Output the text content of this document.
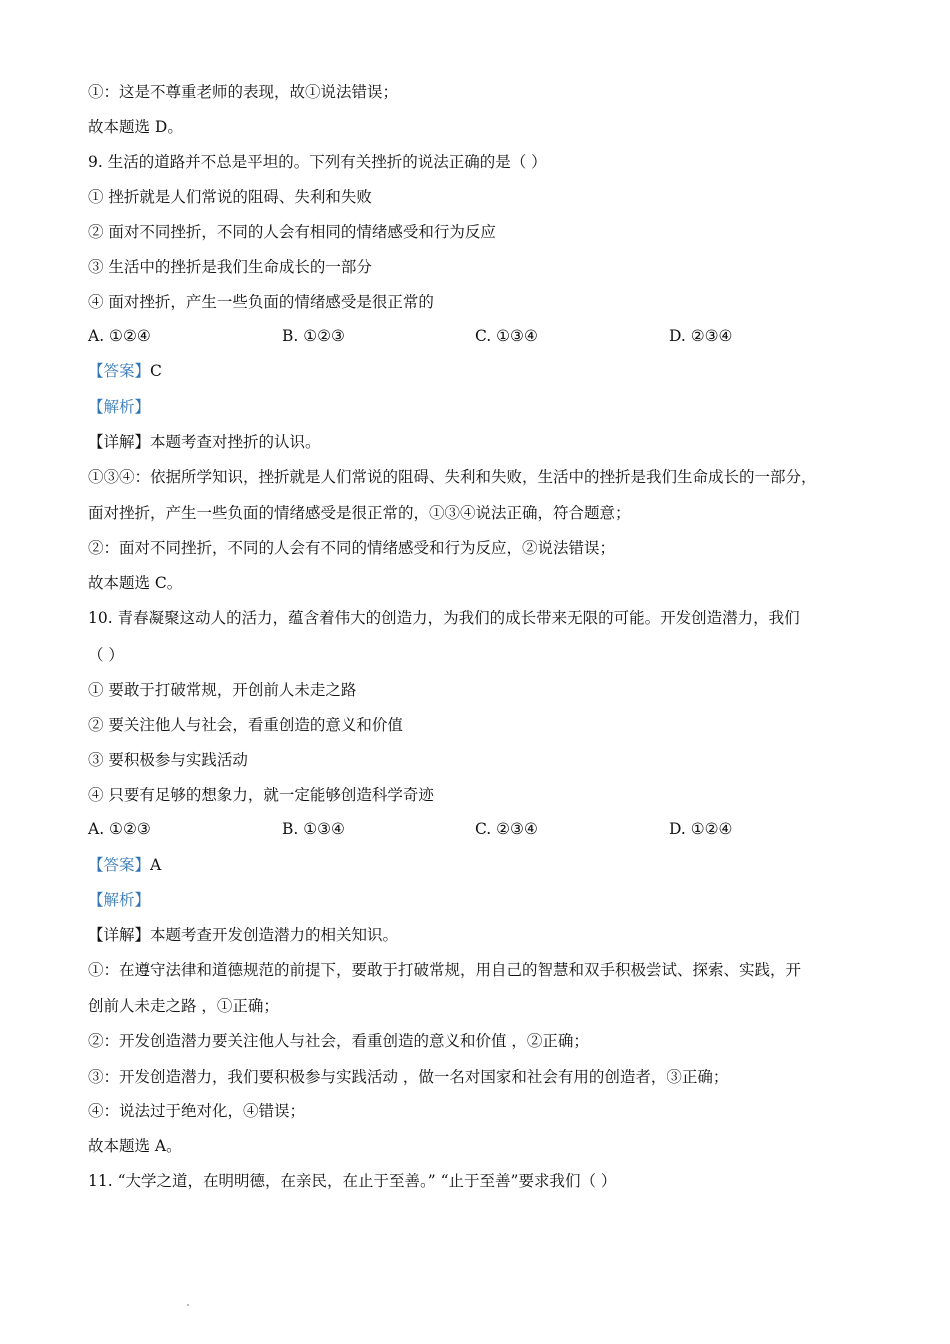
①：这是不尊重老师的表现，故①说法错误；
故本题选 D。
9. 生活的道路并不总是平坦的。下列有关挫折的说法正确的是（ ）
① 挫折就是人们常说的阻碍、失利和失败
② 面对不同挫折，不同的人会有相同的情绪感受和行为反应
③ 生活中的挫折是我们生命成长的一部分
④ 面对挫折，产生一些负面的情绪感受是很正常的
A. ①②④	B. ①②③	C. ①③④	D. ②③④
【答案】C
【解析】
【详解】本题考查对挫折的认识。
①③④：依据所学知识，挫折就是人们常说的阻碍、失利和失败，生活中的挫折是我们生命成长的一部分，
面对挫折，产生一些负面的情绪感受是很正常的，①③④说法正确，符合题意；
②：面对不同挫折，不同的人会有不同的情绪感受和行为反应，②说法错误；
故本题选 C。
10. 青春凝聚这动人的活力，蕴含着伟大的创造力，为我们的成长带来无限的可能。开发创造潜力，我们
（ ）
① 要敢于打破常规，开创前人未走之路
② 要关注他人与社会，看重创造的意义和价值
③ 要积极参与实践活动
④ 只要有足够的想象力，就一定能够创造科学奇迹
A. ①②③	B. ①③④	C. ②③④	D. ①②④
【答案】A
【解析】
【详解】本题考查开发创造潜力的相关知识。
①：在遵守法律和道德规范的前提下，要敢于打破常规，用自己的智慧和双手积极尝试、探索、实践，开
创前人未走之路 ，①正确；
②：开发创造潜力要关注他人与社会，看重创造的意义和价值 ，②正确；
③：开发创造潜力，我们要积极参与实践活动 ，做一名对国家和社会有用的创造者，③正确；
④：说法过于绝对化，④错误；
故本题选 A。
11. “大学之道，在明明德，在亲民，在止于至善。” “止于至善”要求我们（ ）
